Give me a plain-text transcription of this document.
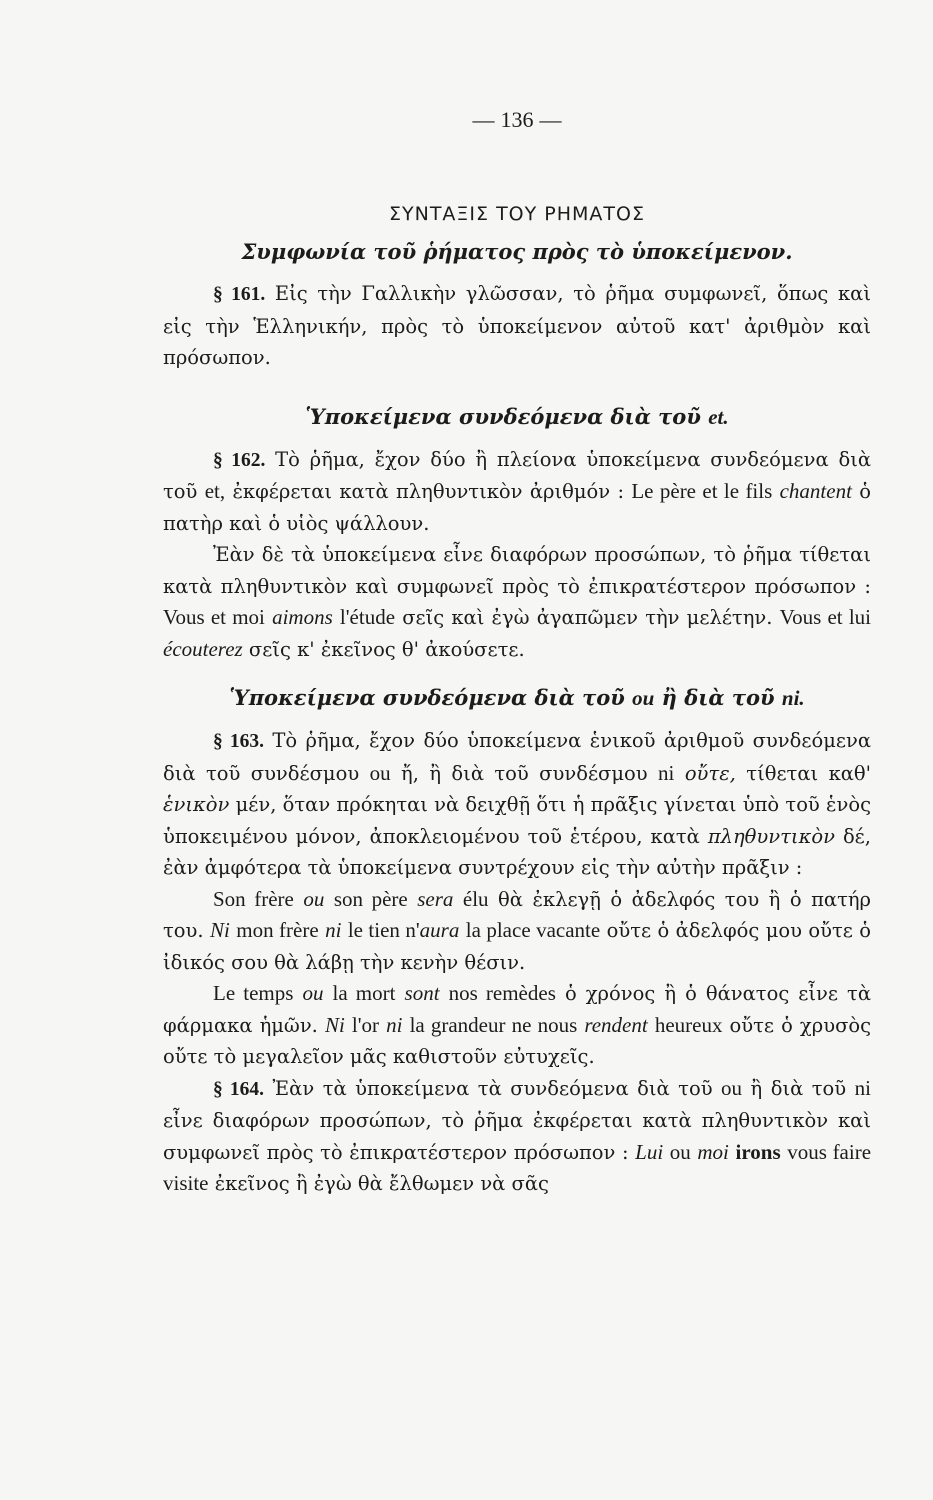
— 136 —
ΣΥΝΤΑΞΙΣ ΤΟΥ ΡΗΜΑΤΟΣ
Συμφωνία τοῦ ῥήματος πρὸς τὸ ὑποκείμενον.

§ 161. Εἰς τὴν Γαλλικὴν γλῶσσαν, τὸ ῥῆμα συμφωνεῖ, ὅπως καὶ εἰς τὴν Ἑλληνικήν, πρὸς τὸ ὑποκείμενον αὐτοῦ κατ' ἀριθμὸν καὶ πρόσωπον.

Ὑποκείμενα συνδεόμενα διὰ τοῦ et.

§ 162. Τὸ ῥῆμα, ἔχον δύο ἢ πλείονα ὑποκείμενα συνδεόμενα διὰ τοῦ et, ἐκφέρεται κατὰ πληθυντικὸν ἀριθμόν : Le père et le fils chantent ὁ πατὴρ καὶ ὁ υἱὸς ψάλλουν.

Ἐὰν δὲ τὰ ὑποκείμενα εἶνε διαφόρων προσώπων, τὸ ῥῆμα τίθεται κατὰ πληθυντικὸν καὶ συμφωνεῖ πρὸς τὸ ἐπικρατέστερον πρόσωπον : Vous et moi aimons l'étude σεῖς καὶ ἐγὼ ἀγαπῶμεν τὴν μελέτην. Vous et lui écouterez σεῖς κ' ἐκεῖνος θ' ἀκούσετε.

Ὑποκείμενα συνδεόμενα διὰ τοῦ ou ἢ διὰ τοῦ ni.

§ 163. Τὸ ῥῆμα, ἔχον δύο ὑποκείμενα ἑνικοῦ ἀριθμοῦ συνδεόμενα διὰ τοῦ συνδέσμου ou ἤ, ἢ διὰ τοῦ συνδέσμου ni οὔτε, τίθεται καθ' ἑνικὸν μέν, ὅταν πρόκηται νὰ δειχθῇ ὅτι ἡ πρᾶξις γίνεται ὑπὸ τοῦ ἑνὸς ὑποκειμένου μόνον, ἀποκλειομένου τοῦ ἑτέρου, κατὰ πληθυντικὸν δέ, ἐὰν ἀμφότερα τὰ ὑποκείμενα συντρέχουν εἰς τὴν αὐτὴν πρᾶξιν :

Son frère ou son père sera élu θὰ ἐκλεγῇ ὁ ἀδελφός του ἢ ὁ πατήρ του. Ni mon frère ni le tien n'aura la place vacante οὔτε ὁ ἀδελφός μου οὔτε ὁ ἰδικός σου θὰ λάβῃ τὴν κενὴν θέσιν.

Le temps ou la mort sont nos remèdes ὁ χρόνος ἢ ὁ θάνατος εἶνε τὰ φάρμακα ἡμῶν. Ni l'or ni la grandeur ne nous rendent heureux οὔτε ὁ χρυσὸς οὔτε τὸ μεγαλεῖον μᾶς καθιστοῦν εὐτυχεῖς.

§ 164. Ἐὰν τὰ ὑποκείμενα τὰ συνδεόμενα διὰ τοῦ ou ἢ διὰ τοῦ ni εἶνε διαφόρων προσώπων, τὸ ῥῆμα ἐκφέρεται κατὰ πληθυντικὸν καὶ συμφωνεῖ πρὸς τὸ ἐπικρατέστερον πρόσωπον : Lui ou moi irons vous faire visite ἐκεῖνος ἢ ἐγὼ θὰ ἔλθωμεν νὰ σᾶς
